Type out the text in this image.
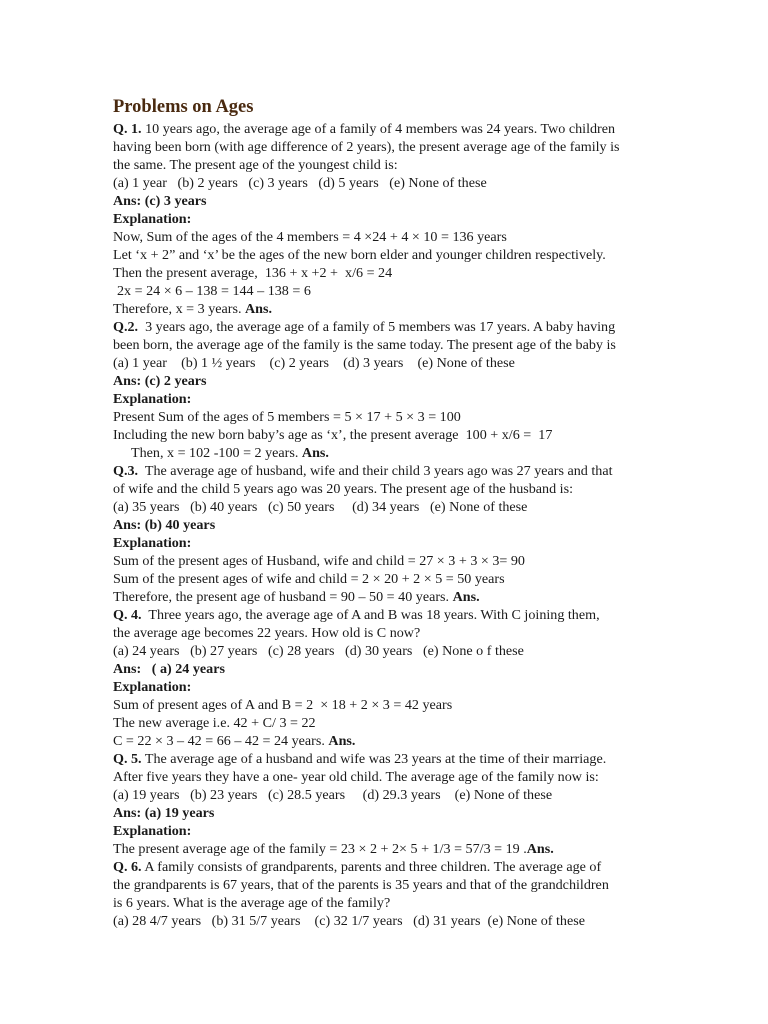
Problems on Ages
Q. 1. 10 years ago, the average age of a family of 4 members was 24 years. Two children
having been born (with age difference of 2 years), the present average age of the family is
the same. The present age of the youngest child is:
(a) 1 year   (b) 2 years   (c) 3 years   (d) 5 years   (e) None of these
Ans: (c) 3 years
Explanation:
Now, Sum of the ages of the 4 members = 4 ×24 + 4 × 10 = 136 years
Let ‘x + 2” and ‘x’ be the ages of the new born elder and younger children respectively.
Then the present average,  136 + x +2 +  x/6 = 24
2x = 24 × 6 – 138 = 144 – 138 = 6
Therefore, x = 3 years. Ans.
Q.2.  3 years ago, the average age of a family of 5 members was 17 years. A baby having
been born, the average age of the family is the same today. The present age of the baby is
(a) 1 year    (b) 1 ½ years    (c) 2 years    (d) 3 years    (e) None of these
Ans: (c) 2 years
Explanation:
Present Sum of the ages of 5 members = 5 × 17 + 5 × 3 = 100
Including the new born baby’s age as ‘x’, the present average  100 + x/6 =  17
Then, x = 102 -100 = 2 years. Ans.
Q.3.  The average age of husband, wife and their child 3 years ago was 27 years and that
of wife and the child 5 years ago was 20 years. The present age of the husband is:
(a) 35 years   (b) 40 years   (c) 50 years     (d) 34 years   (e) None of these
Ans: (b) 40 years
Explanation:
Sum of the present ages of Husband, wife and child = 27 × 3 + 3 × 3= 90
Sum of the present ages of wife and child = 2 × 20 + 2 × 5 = 50 years
Therefore, the present age of husband = 90 – 50 = 40 years. Ans.
Q. 4.  Three years ago, the average age of A and B was 18 years. With C joining them,
the average age becomes 22 years. How old is C now?
(a) 24 years   (b) 27 years   (c) 28 years   (d) 30 years   (e) None o f these
Ans:   ( a) 24 years
Explanation:
Sum of present ages of A and B = 2  × 18 + 2 × 3 = 42 years
The new average i.e. 42 + C/ 3 = 22
C = 22 × 3 – 42 = 66 – 42 = 24 years. Ans.
Q. 5. The average age of a husband and wife was 23 years at the time of their marriage.
After five years they have a one- year old child. The average age of the family now is:
(a) 19 years   (b) 23 years   (c) 28.5 years     (d) 29.3 years    (e) None of these
Ans: (a) 19 years
Explanation:
The present average age of the family = 23 × 2 + 2× 5 + 1/3 = 57/3 = 19 .Ans.
Q. 6. A family consists of grandparents, parents and three children. The average age of
the grandparents is 67 years, that of the parents is 35 years and that of the grandchildren
is 6 years. What is the average age of the family?
(a) 28 4/7 years   (b) 31 5/7 years    (c) 32 1/7 years   (d) 31 years  (e) None of these
